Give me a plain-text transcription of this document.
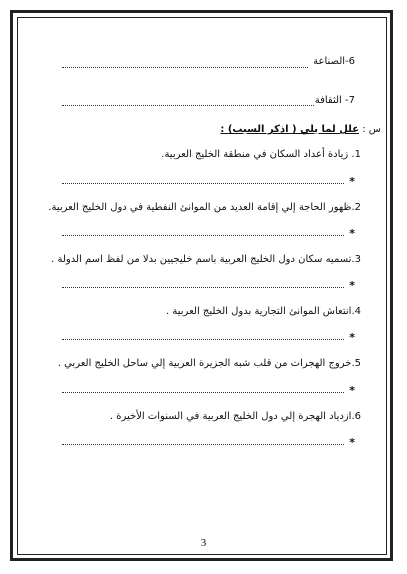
6-الصناعة
7- الثقافة
س : علل لما يلي ( اذكر السبب) :
1. زيادة أعداد السكان في منطقة الخليج العربية.
*
2.ظهور الحاجة إلي إقامة العديد من الموانئ النفطية في دول الخليج العربية.
*
3.تسميه سكان دول الخليج العربية باسم خليجيين بدلا من لفظ اسم الدولة .
*
4.انتعاش الموانئ التجارية بدول الخليج العربية .
*
5.خروج الهجرات من قلب شبه الجزيرة العربية إلي ساحل الخليج العربي .
*
6.ازدياد الهجرة إلي دول الخليج العربية في السنوات الأخيرة .
*
3
